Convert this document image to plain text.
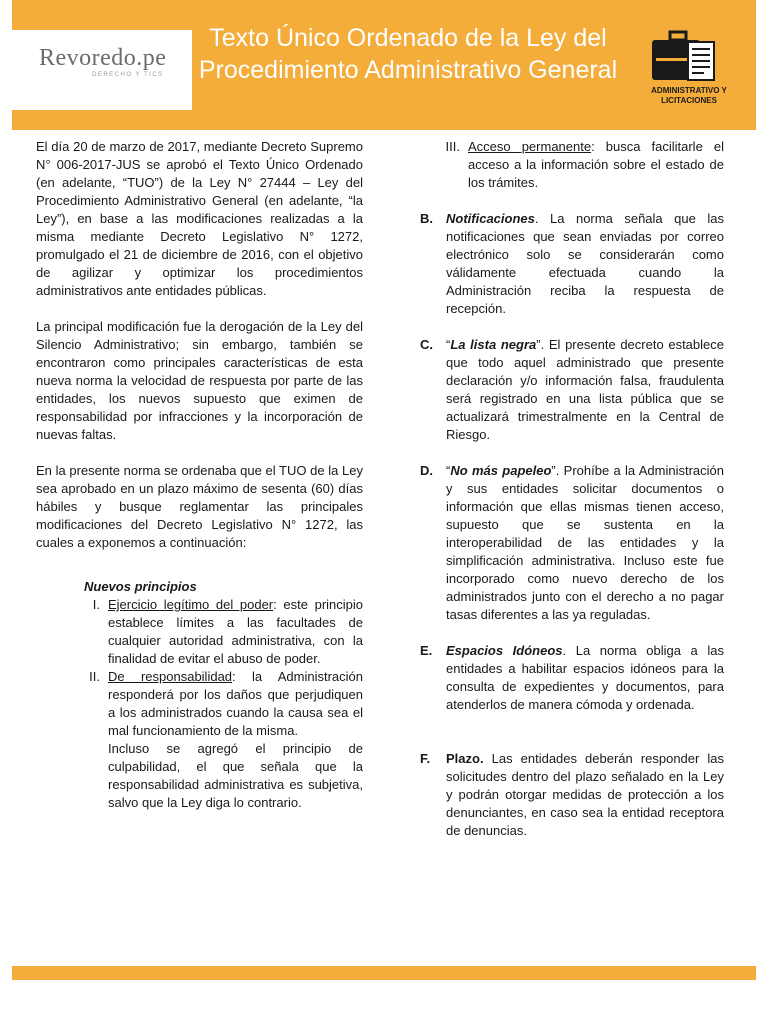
Revoredo.pe
DERECHO Y TICS
Texto Único Ordenado de la Ley del Procedimiento Administrativo General
ADMINISTRATIVO Y LICITACIONES

El día 20 de marzo de 2017, mediante Decreto Supremo N° 006-2017-JUS se aprobó el Texto Único Ordenado (en adelante, “TUO”) de la Ley N° 27444 – Ley del Procedimiento Administrativo General (en adelante, “la Ley”), en base a las modificaciones realizadas a la misma mediante Decreto Legislativo N° 1272, promulgado el 21 de diciembre de 2016, con el objetivo de agilizar y optimizar los procedimientos administrativos ante entidades públicas.

La principal modificación fue la derogación de la Ley del Silencio Administrativo; sin embargo, también se encontraron como principales características de esta nueva norma la velocidad de respuesta por parte de las entidades, los nuevos supuesto que eximen de responsabilidad por infracciones y la incorporación de nuevas faltas.

En la presente norma se ordenaba que el TUO de la Ley sea aprobado en un plazo máximo de sesenta (60) días hábiles y busque reglamentar las principales modificaciones del Decreto Legislativo N° 1272, las cuales a exponemos a continuación:

Nuevos principios
I. Ejercicio legítimo del poder: este principio establece límites a las facultades de cualquier autoridad administrativa, con la finalidad de evitar el abuso de poder.
II. De responsabilidad: la Administración responderá por los daños que perjudiquen a los administrados cuando la causa sea el mal funcionamiento de la misma.
Incluso se agregó el principio de culpabilidad, el que señala que la responsabilidad administrativa es subjetiva, salvo que la Ley diga lo contrario.
III. Acceso permanente: busca facilitarle el acceso a la información sobre el estado de los trámites.
B.	Notificaciones. La norma señala que las notificaciones que sean enviadas por correo electrónico solo se considerarán como válidamente efectuada cuando la Administración reciba la respuesta de recepción.
C.	“La lista negra”. El presente decreto establece que todo aquel administrado que presente declaración y/o información falsa, fraudulenta será registrado en una lista pública que se actualizará trimestralmente en la Central de Riesgo.
D.	“No más papeleo”. Prohíbe a la Administración y sus entidades solicitar documentos o información que ellas mismas tienen acceso, supuesto que se sustenta en la interoperabilidad de las entidades y la simplificación administrativa. Incluso este fue incorporado como nuevo derecho de los administrados junto con el derecho a no pagar tasas diferentes a las ya reguladas.
E.	Espacios Idóneos. La norma obliga a las entidades a habilitar espacios idóneos para la consulta de expedientes y documentos, para atenderlos de manera cómoda y ordenada.
F.	Plazo. Las entidades deberán responder las solicitudes dentro del plazo señalado en la Ley y podrán otorgar medidas de protección a los denunciantes, en caso sea la entidad receptora de denuncias.
